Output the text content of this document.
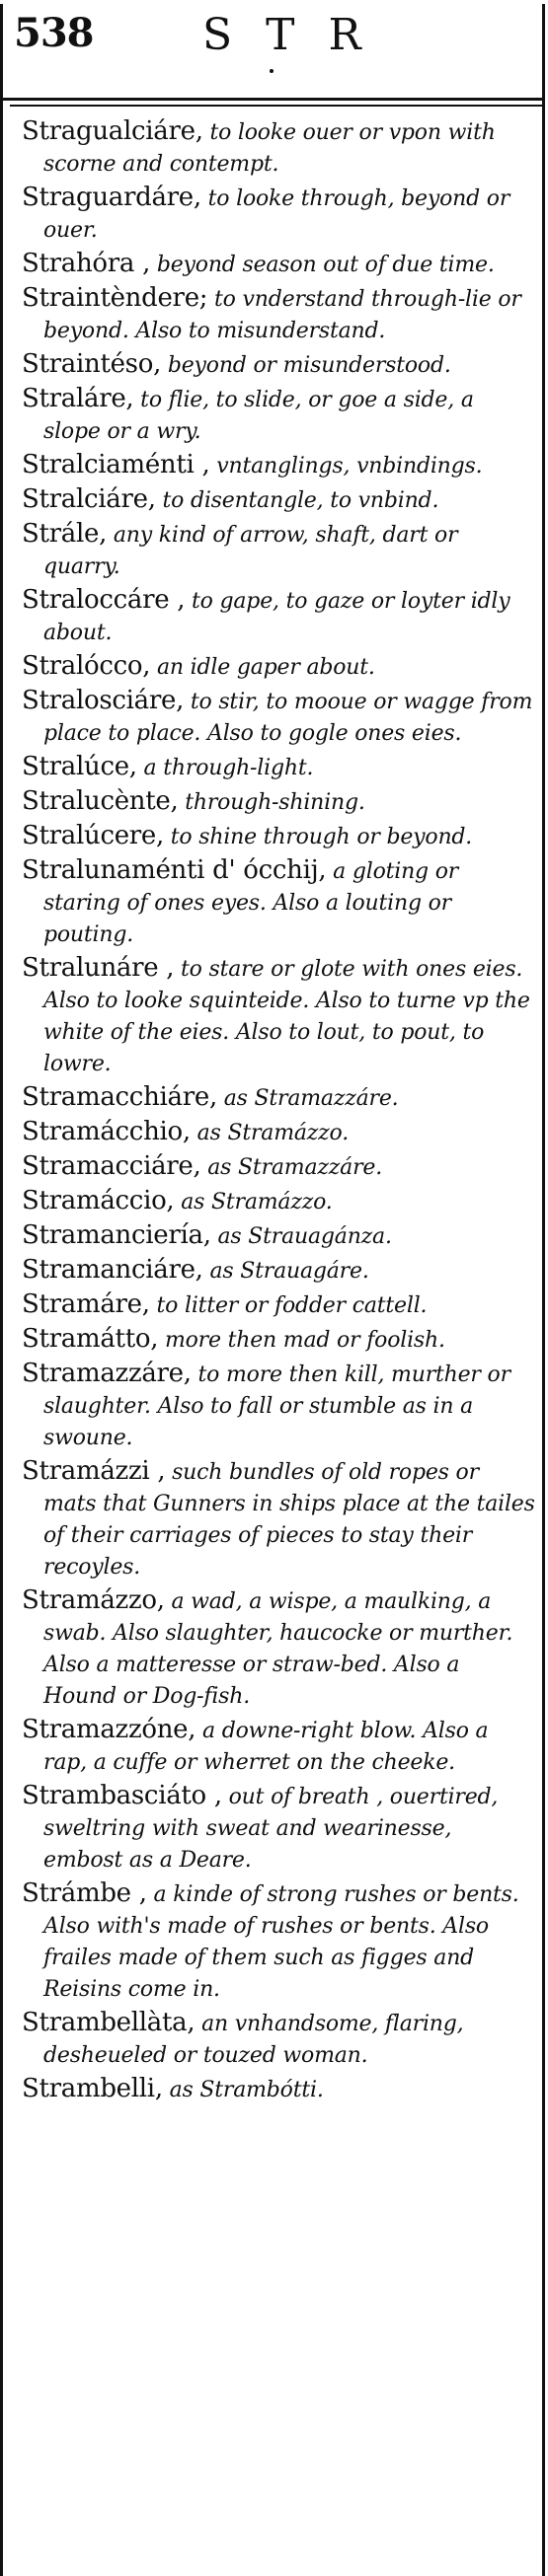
538	STR

Stragualciáre, to looke ouer or vpon with scorne and contempt.

Straguardáre, to looke through, beyond or ouer.

Strahóra , beyond season out of due time.

Straintèndere; to vnderstand through-lie or beyond. Also to misunderstand.

Straintéso, beyond or misunderstood.

Straláre, to flie, to slide, or goe a side, a slope or a wry.

Stralciaménti , vntanglings, vnbindings.

Stralciáre, to disentangle, to vnbind.

Strále, any kind of arrow, shaft, dart or quarry.

Straloccáre , to gape, to gaze or loyter idly about.

Stralócco, an idle gaper about.

Stralosciáre, to stir, to mooue or wagge from place to place. Also to gogle ones eies.

Stralúce, a through-light.

Stralucènte, through-shining.

Stralúcere, to shine through or beyond.

Stralunaménti d' ócchij, a gloting or staring of ones eyes. Also a louting or pouting.

Stralunáre , to stare or glote with ones eies. Also to looke squinteide. Also to turne vp the white of the eies. Also to lout, to pout, to lowre.

Stramacchiáre, as Stramazzáre.

Stramácchio, as Stramázzo.

Stramacciáre, as Stramazzáre.

Stramáccio, as Stramázzo.

Stramanciería, as Strauagánza.

Stramanciáre, as Strauagáre.

Stramáre, to litter or fodder cattell.

Stramátto, more then mad or foolish.

Stramazzáre, to more then kill, murther or slaughter. Also to fall or stumble as in a swoune.

Stramázzi , such bundles of old ropes or mats that Gunners in ships place at the tailes of their carriages of pieces to stay their recoyles.

Stramázzo, a wad, a wispe, a maulking, a swab. Also slaughter, haucocke or murther. Also a matteresse or straw-bed. Also a Hound or Dog-fish.

Stramazzóne, a downe-right blow. Also a rap, a cuffe or wherret on the cheeke.

Strambasciáto , out of breath , ouertired, sweltring with sweat and wearinesse, embost as a Deare.

Strámbe , a kinde of strong rushes or bents. Also with's made of rushes or bents. Also frailes made of them such as figges and Reisins come in.

Strambellàta, an vnhandsome, flaring, desheueled or touzed woman.

Strambelli, as Strambótti.
